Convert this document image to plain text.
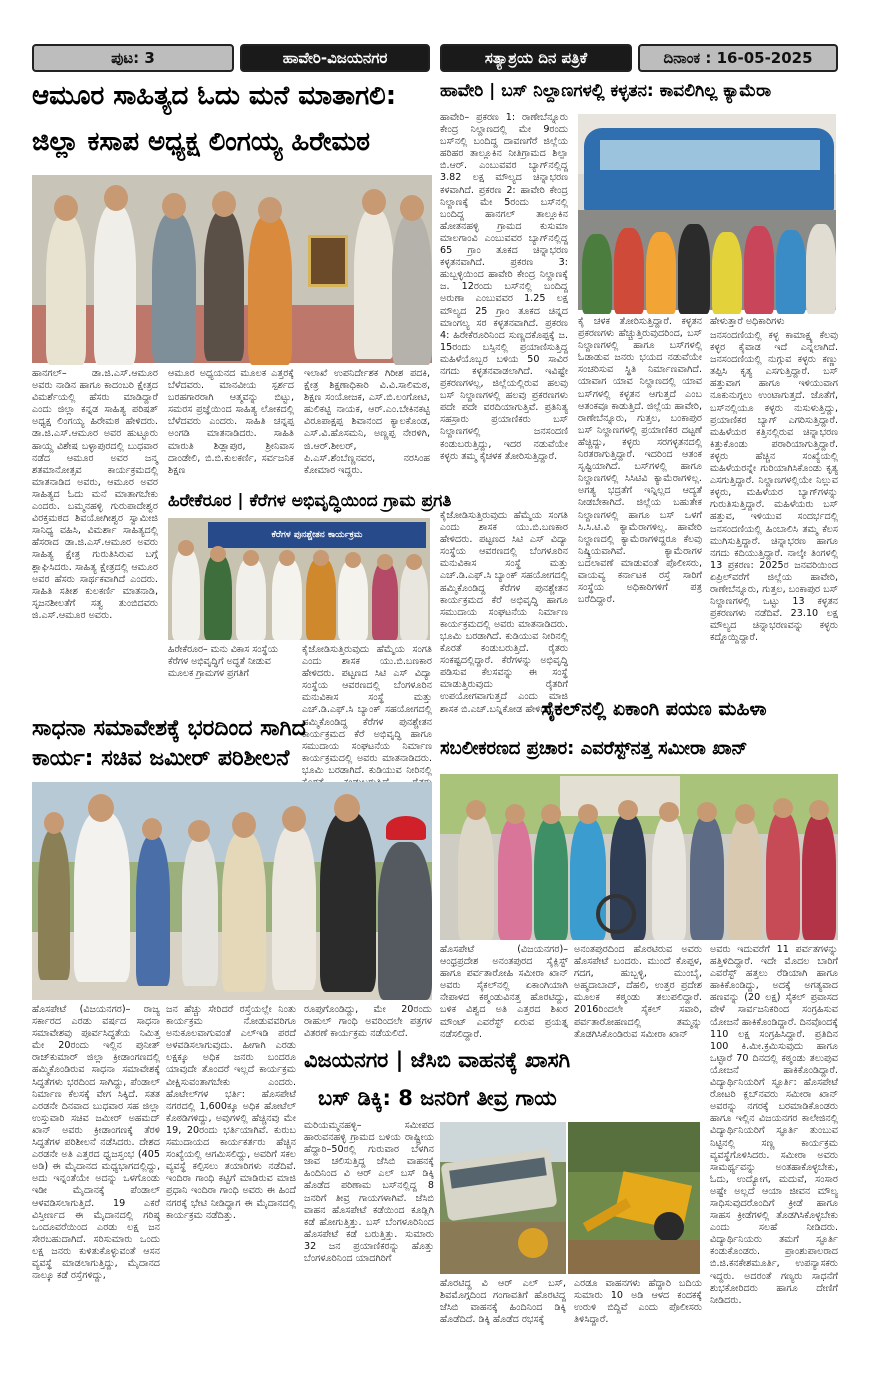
ಪುಟ: 3	ಹಾವೇರಿ-ವಿಜಯನಗರ	ಸತ್ಯಾಶ್ರಯ ದಿನ ಪತ್ರಿಕೆ	ದಿನಾಂಕ : 16-05-2025
ಆಮೂರ ಸಾಹಿತ್ಯದ ಓದು ಮನೆ ಮಾತಾಗಲಿ:
ಜಿಲ್ಲಾ ಕಸಾಪ ಅಧ್ಯಕ್ಷ ಲಿಂಗಯ್ಯ ಹಿರೇಮಠ
ಹಾನಗಲ್– ಡಾ.ಜಿ.ಎಸ್.ಆಮೂರ ಅವರು ನಾಡಿನ ಹಾಗೂ ಕಾದಂಬರಿ ಕ್ಷೇತ್ರದ ವಿಮರ್ಶೆಯಲ್ಲಿ ಹೆಸರು ಮಾಡಿದ್ದಾರೆ ಎಂದು ಜಿಲ್ಲಾ ಕನ್ನಡ ಸಾಹಿತ್ಯ ಪರಿಷತ್ ಅಧ್ಯಕ್ಷ ಲಿಂಗಯ್ಯ ಹಿರೇಮಠ ಹೇಳಿದರು. ಡಾ.ಜಿ.ಎಸ್.ಆಮೂರ ಅವರ ಹುಟ್ಟೂರು ಹಾಯ್ದ ವಿಶೇಷ ಬಳ್ಳಾಪುರದಲ್ಲಿ ಬುಧವಾರ ನಡೆದ ಆಮೂರ ಅವರ ಜನ್ಮ ಶತಮಾನೋತ್ಸವ ಕಾರ್ಯಕ್ರಮದಲ್ಲಿ ಮಾತನಾಡಿದ ಅವರು, ಆಮೂರ ಅವರ ಸಾಹಿತ್ಯದ ಓದು ಮನೆ ಮಾತಾಗಬೇಕು ಎಂದರು. ಬಮ್ಮನಹಳ್ಳಿ ಗುರುಪಾದೇಶ್ವರ ವಿರಕ್ತಮಠದ ಶಿವಯೋಗೀಶ್ವರ ಸ್ವಾಮೀಜಿ ಸಾನಿಧ್ಯ ವಹಿಸಿ, ವಿಮರ್ಶಾ ಸಾಹಿತ್ಯದಲ್ಲಿ ಹೆಸರಾದ ಡಾ.ಜಿ.ಎಸ್.ಆಮೂರ ಅವರು ಸಾಹಿತ್ಯ ಕ್ಷೇತ್ರ ಗುರುತಿಸಿರುವ ಬಗ್ಗೆ ಶ್ಲಾಘಿಸಿದರು. ಸಾಹಿತ್ಯ ಕ್ಷೇತ್ರದಲ್ಲಿ ಆಮೂರ ಅವರ ಹೆಸರು ಸಾರ್ಥಕವಾಗಿದೆ ಎಂದರು. ಸಾಹಿತಿ ಸತೀಶ ಕುಲಕರ್ಣಿ ಮಾತನಾಡಿ, ಸೃಜನಶೀಲತೆಗೆ ಸತ್ವ ತುಂಬಿದವರು ಜಿ.ಎಸ್.ಆಮೂರ ಅವರು.
ಆಮೂರ ಅಧ್ಯಯನದ ಮೂಲಕ ಎತ್ತರಕ್ಕೆ ಬೆಳೆದವರು. ಮಾನವೀಯ ಸ್ಪರ್ಶದ ಬರಹಗಾರರಾಗಿ ಆತ್ಮವನ್ನು ಬಿಟ್ಟು, ಸಮರಸ ಪ್ರಜ್ಞೆಯಿಂದ ಸಾಹಿತ್ಯ ಲೋಕದಲ್ಲಿ ಬೆಳೆದವರು ಎಂದರು. ಸಾಹಿತಿ ಚನ್ನಪ್ಪ ಅಂಗಡಿ ಮಾತನಾಡಿದರು. ಸಾಹಿತಿ ಮಾರುತಿ ಶಿಡ್ಲಾಪುರ, ಶ್ರೀನಿವಾಸ ದಾಂಡೇಲಿ, ಬಿ.ಬಿ.ಕುಲಕರ್ಣಿ, ಸರ್ವಜನಿಕ ಶಿಕ್ಷಣ
ಇಲಾಖೆ ಉಪನಿರ್ದೇಶಕ ಗಿರೀಶ ಪದಕಿ, ಕ್ಷೇತ್ರ ಶಿಕ್ಷಣಾಧಿಕಾರಿ ವಿ.ವಿ.ಸಾಲಿಮಠ, ಶಿಕ್ಷಣ ಸಂಯೋಜಕ, ಎಸ್.ಬಿ.ಲಂಗೋಟಿ, ಹುಲಿಕಟ್ಟಿ ನಾಯಕ, ಆರ್.ಎಂ.ಬೇಕಿನಕಟ್ಟಿ ವಿರೂಪಾಕ್ಷಪ್ಪ ಶಿವಾನಂದ ಕ್ಯಾಲಕೊಂಡ, ಎಸ್.ವಿ.ಹೊಸಮನಿ, ಅಣ್ಣಪ್ಪ ನೇರಳಿಗಿ, ಜಿ.ಆರ್.ಶೀಲರ್, ಪಿ.ಎಸ್.ಶೆಂಬೆಣ್ಣನವರ, ನರಸಿಂಹ ಕೋಮಾರ ಇದ್ದರು.
ಹಿರೇಕೆರೂರ | ಕೆರೆಗಳ ಅಭಿವೃದ್ಧಿಯಿಂದ ಗ್ರಾಮ ಪ್ರಗತಿ
ಕೆರೆಗಳ ಪುನಶ್ಚೇತನ ಕಾರ್ಯಕ್ರಮ
ಹಿರೇಕೆರೂರ– ಮನು ವಿಕಾಸ ಸಂಸ್ಥೆಯ ಕೆರೆಗಳ ಅಭಿವೃದ್ಧಿಗೆ ಅದ್ಧತೆ ನೀಡುವ ಮೂಲಕ ಗ್ರಾಮಗಳ ಪ್ರಗತಿಗೆ
ಕೈಜೋಡಿಸುತ್ತಿರುವುದು ಹೆಮ್ಮೆಯ ಸಂಗತಿ ಎಂದು ಶಾಸಕ ಯು.ಬಿ.ಬಣಕಾರ ಹೇಳಿದರು. ಪಟ್ಟಣದ ಸಿಟಿ ಎಸ್ ವಿದ್ಯಾ ಸಂಸ್ಥೆಯ ಆವರಣದಲ್ಲಿ ಬೆಂಗಳೂರಿನ ಮನುವಿಕಾಸ ಸಂಸ್ಥೆ ಮತ್ತು ಎಚ್.ಡಿ.ಎಫ್.ಸಿ ಬ್ಯಾಂಕ್ ಸಹಯೋಗದಲ್ಲಿ ಹಮ್ಮಿಕೊಂಡಿದ್ದ ಕೆರೆಗಳ ಪುನಶ್ಚೇತನ ಕಾರ್ಯಕ್ರಮದ ಕೆರೆ ಅಭಿವೃದ್ಧಿ ಹಾಗೂ ಸಮುದಾಯ ಸಂಘಟನೆಯ ನಿರ್ಮಾಣ ಕಾರ್ಯಕ್ರಮದಲ್ಲಿ ಅವರು ಮಾತನಾಡಿದರು. ಭೂಮಿ ಬರಡಾಗಿದೆ. ಕುಡಿಯುವ ನೀರಿನಲ್ಲಿ
ಕೈಜೋಡಿಸುತ್ತಿರುವುದು ಹೆಮ್ಮೆಯ ಸಂಗತಿ ಎಂದು ಶಾಸಕ ಯು.ಬಿ.ಬಣಕಾರ ಹೇಳಿದರು. ಪಟ್ಟಣದ ಸಿಟಿ ಎಸ್ ವಿದ್ಯಾ ಸಂಸ್ಥೆಯ ಆವರಣದಲ್ಲಿ ಬೆಂಗಳೂರಿನ ಮನುವಿಕಾಸ ಸಂಸ್ಥೆ ಮತ್ತು ಎಚ್.ಡಿ.ಎಫ್.ಸಿ ಬ್ಯಾಂಕ್ ಸಹಯೋಗದಲ್ಲಿ ಹಮ್ಮಿಕೊಂಡಿದ್ದ ಕೆರೆಗಳ ಪುನಶ್ಚೇತನ ಕಾರ್ಯಕ್ರಮದ ಕೆರೆ ಅಭಿವೃದ್ಧಿ ಹಾಗೂ ಸಮುದಾಯ ಸಂಘಟನೆಯ ನಿರ್ಮಾಣ ಕಾರ್ಯಕ್ರಮದಲ್ಲಿ ಅವರು ಮಾತನಾಡಿದರು. ಭೂಮಿ ಬರಡಾಗಿದೆ. ಕುಡಿಯುವ ನೀರಿನಲ್ಲಿ ಕೊರತೆ ಕಂಡುಬರುತ್ತಿದೆ. ರೈತರು ಸಂಕಷ್ಟದಲ್ಲಿದ್ದಾರೆ. ಕೆರೆಗಳನ್ನು ಅಭಿವೃದ್ಧಿ ಪಡಿಸುವ ಕೆಲಸವನ್ನು ಈ ಸಂಸ್ಥೆ ಮಾಡುತ್ತಿರುವುದು ರೈತರಿಗೆ ಉಪಯೋಗವಾಗುತ್ತದೆ ಎಂದು ಮಾಜಿ ಶಾಸಕ ಬಿ.ಎಚ್.ಬನ್ನಿಕೋಡ ಹೇಳಿದರು.
ಹಾವೇರಿ | ಬಸ್ ನಿಲ್ದಾಣಗಳಲ್ಲಿ ಕಳ್ಳತನ: ಕಾವಲಿಗಿಲ್ಲ ಕ್ಯಾಮೆರಾ
ಹಾವೇರಿ– ಪ್ರಕರಣ 1: ರಾಣೇಬೆನ್ನೂರು ಕೇಂದ್ರ ನಿಲ್ದಾಣದಲ್ಲಿ ಮೇ 9ರಂದು ಬಸ್‌ನಲ್ಲಿ ಬಂದಿದ್ದ ದಾವಣಗೆರೆ ಜಿಲ್ಲೆಯ ಹರಿಹರ ತಾಲ್ಲೂಕಿನ ನೀತಿಗ್ರಾಮದ ಶಿಲ್ಪಾ ಬಿ.ಆರ್. ಎಂಬುವವರ ಬ್ಯಾಗ್‌ನಲ್ಲಿದ್ದ 3.82 ಲಕ್ಷ ಮೌಲ್ಯದ ಚಿನ್ನಾಭರಣ ಕಳವಾಗಿದೆ. ಪ್ರಕರಣ 2: ಹಾವೇರಿ ಕೇಂದ್ರ ನಿಲ್ದಾಣಕ್ಕೆ ಮೇ 5ರಂದು ಬಸ್‌ನಲ್ಲಿ ಬಂದಿದ್ದ ಹಾನಗಲ್ ತಾಲ್ಲೂಕಿನ ಹೋತನಹಳ್ಳಿ ಗ್ರಾಮದ ಕುಸುಮಾ ಮಾಲಗಾಂವಿ ಎಂಬುವವರ ಬ್ಯಾಗ್‌ನಲ್ಲಿದ್ದ 65 ಗ್ರಾಂ ತೂಕದ ಚಿನ್ನಾಭರಣ ಕಳ್ಳತನವಾಗಿದೆ. ಪ್ರಕರಣ 3: ಹುಬ್ಬಳ್ಳಿಯಿಂದ ಹಾವೇರಿ ಕೇಂದ್ರ ನಿಲ್ದಾಣಕ್ಕೆ ಜ. 12ರಂದು ಬಸ್‌ನಲ್ಲಿ ಬಂದಿದ್ದ ಅರುಣಾ ಎಂಬುವವರ 1.25 ಲಕ್ಷ ಮೌಲ್ಯದ 25 ಗ್ರಾಂ ತೂಕದ ಚಿನ್ನದ ಮಾಂಗಲ್ಯ ಸರ ಕಳ್ಳತನವಾಗಿದೆ. ಪ್ರಕರಣ 4: ಹಿರೇಕೆರೂರಿನಿಂದ ಸುಣ್ಣದಕೊಪ್ಪಕ್ಕೆ ಜ. 15ರಂದು ಬಸ್ಸಿನಲ್ಲಿ ಪ್ರಯಾಣಿಸುತ್ತಿದ್ದ ಮಹಿಳೆಯೊಬ್ಬರ ಬಳಿಯ 50 ಸಾವಿರ ನಗದು ಕಳ್ಳತನವಾಡಲಾಗಿದೆ. ಇವಿಷ್ಟೇ ಪ್ರಕರಣಗಳಲ್ಲ, ಜಿಲ್ಲೆಯಲ್ಲಿರುವ ಹಲವು ಬಸ್ ನಿಲ್ದಾಣಗಳಲ್ಲಿ ಹಲವು ಪ್ರಕರಣಗಳು ಪದೇ ಪದೇ ವರದಿಯಾಗುತ್ತಿವೆ. ಪ್ರತಿನಿತ್ಯ ಸಹಸ್ರಾರು ಪ್ರಯಾಣಿಕರು ಬಸ್ ನಿಲ್ದಾಣಗಳಲ್ಲಿ ಜನಸಂದಣಿ ಕಂಡುಬರುತ್ತಿದ್ದು, ಇದರ ನಡುವೆಯೇ ಕಳ್ಳರು ತಮ್ಮ ಕೈಚಳಕ ತೋರಿಸುತ್ತಿದ್ದಾರೆ.
ಕೈ ಚಳಕ ತೋರಿಸುತ್ತಿದ್ದಾರೆ. ಕಳ್ಳತನ ಪ್ರಕರಣಗಳು ಹೆಚ್ಚುತ್ತಿರುವುದರಿಂದ, ಬಸ್ ನಿಲ್ದಾಣಗಳಲ್ಲಿ ಹಾಗೂ ಬಸ್‌ಗಳಲ್ಲಿ ಓಡಾಡುವ ಜನರು ಭಯದ ನಡುವೆಯೇ ಸಂಚರಿಸುವ ಸ್ಥಿತಿ ನಿರ್ಮಾಣವಾಗಿದೆ. ಯಾವಾಗ ಯಾವ ನಿಲ್ದಾಣದಲ್ಲಿ ಯಾವ ಬಸ್‌ಗಳಲ್ಲಿ ಕಳ್ಳತನ ಆಗುತ್ತದೆ ಎಂಬ ಆತಂಕವೂ ಕಾಡುತ್ತಿದೆ. ಜಿಲ್ಲೆಯ ಹಾವೇರಿ, ರಾಣೇಬೆನ್ನೂರು, ಗುತ್ತಲ, ಬಂಕಾಪುರ ಬಸ್ ನಿಲ್ದಾಣಗಳಲ್ಲಿ ಪ್ರಯಾಣಿಕರ ದಟ್ಟಣೆ ಹೆಚ್ಚಿದ್ದು, ಕಳ್ಳರು ಸರಗಳ್ಳತನದಲ್ಲಿ ನಿರತರಾಗುತ್ತಿದ್ದಾರೆ. ಇದರಿಂದ ಆತಂಕ ಸೃಷ್ಟಿಯಾಗಿದೆ. ಬಸ್‌ಗಳಲ್ಲಿ ಹಾಗೂ ನಿಲ್ದಾಣಗಳಲ್ಲಿ ಸಿಸಿಟಿವಿ ಕ್ಯಾಮೆರಾಗಳಿಲ್ಲ. ಅಗತ್ಯ ಭದ್ರತೆಗೆ ಇನ್ನಿಲ್ಲದ ಆದ್ಯತೆ ನೀಡಬೇಕಾಗಿದೆ. ಜಿಲ್ಲೆಯ ಬಹುತೇಕ ನಿಲ್ದಾಣಗಳಲ್ಲಿ ಹಾಗೂ ಬಸ್ ಒಳಗೆ ಸಿ.ಸಿ.ಟಿ.ವಿ ಕ್ಯಾಮೆರಾಗಳಿಲ್ಲ. ಹಾವೇರಿ ನಿಲ್ದಾಣದಲ್ಲಿ ಕ್ಯಾಮೆರಾಗಳಿದ್ದರೂ ಕೆಲವು ನಿಷ್ಕ್ರಿಯವಾಗಿವೆ. ಕ್ಯಾಮೆರಾಗಳ ಬದಲಾವಣೆ ಮಾಡುವಂತೆ ಪೊಲೀಸರು, ವಾಯವ್ಯ ಕರ್ನಾಟಕ ರಸ್ತೆ ಸಾರಿಗೆ ಸಂಸ್ಥೆಯ ಅಧಿಕಾರಿಗಳಿಗೆ ಪತ್ರ ಬರೆದಿದ್ದಾರೆ.
ಹೇಳುತ್ತಾರೆ ಅಧಿಕಾರಿಗಳು
ಜನಸಂದಣಿಯಲ್ಲಿ ಕಳ್ಳ ಕಾಮಾಕ್ಷ್ಯ ಕೆಲವು ಕಳ್ಳರ ಕೈವಾಡ ಇದೆ ಎನ್ನಲಾಗಿದೆ. ಜನಸಂದಣಿಯಲ್ಲಿ ನುಗ್ಗುವ ಕಳ್ಳರು ಕಣ್ಣು ತಪ್ಪಿಸಿ ಕೃತ್ಯ ಎಸಗುತ್ತಿದ್ದಾರೆ. ಬಸ್ ಹತ್ತುವಾಗ ಹಾಗೂ ಇಳಿಯುವಾಗ ನೂಕುನುಗ್ಗಲು ಉಂಟಾಗುತ್ತದೆ. ಜೊತೆಗೆ, ಬಸ್‌ನಲ್ಲಿಯೂ ಕಳ್ಳರು ನುಸುಳುತ್ತಿದ್ದು, ಪ್ರಯಾಣಿಕರ ಬ್ಯಾಗ್ ಎಗರಿಸುತ್ತಿದ್ದಾರೆ. ಮಹಿಳೆಯರ ಕತ್ತಿನಲ್ಲಿರುವ ಚಿನ್ನಾಭರಣ ಕಿತ್ತುಕೊಂಡು ಪರಾರಿಯಾಗುತ್ತಿದ್ದಾರೆ. ಕಳ್ಳರು ಹೆಚ್ಚಿನ ಸಂಖ್ಯೆಯಲ್ಲಿ ಮಹಿಳೆಯರನ್ನೇ ಗುರಿಯಾಗಿಸಿಕೊಂಡು ಕೃತ್ಯ ಎಸಗುತ್ತಿದ್ದಾರೆ. ನಿಲ್ದಾಣಗಳಲ್ಲಿಯೇ ನಿಲ್ಲುವ ಕಳ್ಳರು, ಮಹಿಳೆಯರ ಬ್ಯಾಗ್‌ಗಳನ್ನು ಗುರುತಿಸುತ್ತಿದ್ದಾರೆ. ಮಹಿಳೆಯರು ಬಸ್ ಹತ್ತುವ, ಇಳಿಯುವ ಸಂದರ್ಭದಲ್ಲಿ ಜನಸಂದಣಿಯಲ್ಲಿ ಹಿಂಬಾಲಿಸಿ ತಮ್ಮ ಕೆಲಸ ಮುಗಿಸುತ್ತಿದ್ದಾರೆ. ಚಿನ್ನಾಭರಣ ಹಾಗೂ ನಗದು ಕದಿಯುತ್ತಿದ್ದಾರೆ. ನಾಲ್ಕೇ ತಿಂಗಳಲ್ಲಿ 13 ಪ್ರಕರಣ: 2025ರ ಜನವರಿಯಿಂದ ಏಪ್ರಿಲ್‌ವರೆಗೆ ಜಿಲ್ಲೆಯ ಹಾವೇರಿ, ರಾಣೇಬೆನ್ನೂರು, ಗುತ್ತಲ, ಬಂಕಾಪುರ ಬಸ್ ನಿಲ್ದಾಣಗಳಲ್ಲಿ ಒಟ್ಟು 13 ಕಳ್ಳತನ ಪ್ರಕರಣಗಳು ನಡೆದಿವೆ. 23.10 ಲಕ್ಷ ಮೌಲ್ಯದ ಚಿನ್ನಾಭರಣವನ್ನು ಕಳ್ಳರು ಕದ್ದೊಯ್ದಿದ್ದಾರೆ.
ಸಾಧನಾ ಸಮಾವೇಶಕ್ಕೆ ಭರದಿಂದ ಸಾಗಿದ
ಕಾರ್ಯ: ಸಚಿವ ಜಮೀರ್ ಪರಿಶೀಲನೆ
ಹೊಸಪೇಟೆ (ವಿಜಯನಗರ)– ರಾಜ್ಯ ಸರ್ಕಾರದ ಎರಡು ವರ್ಷದ ಸಾಧನಾ ಸಮಾವೇಶವು ಪೂರ್ವಸಿದ್ಧತೆಯ ನಿಮಿತ್ತ ಮೇ 20ರಂದು ಇಲ್ಲಿನ ಪುನೀತ್ ರಾಜ್‌ಕುಮಾರ್ ಜಿಲ್ಲಾ ಕ್ರೀಡಾಂಗಣದಲ್ಲಿ ಹಮ್ಮಿಕೊಂಡಿರುವ ಸಾಧನಾ ಸಮಾವೇಶಕ್ಕೆ ಸಿದ್ಧತೆಗಳು ಭರದಿಂದ ಸಾಗಿದ್ದು, ಪೆಂಡಾಲ್ ನಿರ್ಮಾಣ ಕೆಲಸಕ್ಕೆ ವೇಗ ಸಿಕ್ಕಿದೆ. ಸತತ ಎರಡನೇ ದಿನವಾದ ಬುಧವಾರ ಸಹ ಜಿಲ್ಲಾ ಉಸ್ತುವಾರಿ ಸಚಿವ ಜಮೀರ್ ಅಹಮದ್ ಖಾನ್ ಅವರು ಕ್ರೀಡಾಂಗಣಕ್ಕೆ ತೆರಳಿ ಸಿದ್ಧತೆಗಳ ಪರಿಶೀಲನೆ ನಡೆಸಿದರು. ದೇಶದ ಎರಡನೇ ಅತಿ ಎತ್ತರದ ಧ್ವಜಸ್ತಂಭ (405 ಅಡಿ) ಈ ಮೈದಾನದ ಮಧ್ಯಭಾಗದಲ್ಲಿದ್ದು, ಅದು ಇನ್ನಂತೆಯೇ ಅದನ್ನು ಒಳಗೊಂಡು ಇಡೀ ಮೈದಾನಕ್ಕೆ ಪೆಂಡಾಲ್ ಆಳವಡಿಸಲಾಗುತ್ತಿದೆ. 19 ಎಕರೆ ವಿಸ್ತೀರ್ಣದ ಈ ಮೈದಾನದಲ್ಲಿ ಗರಿಷ್ಠ ಒಂದೂವರೆಯಿಂದ ಎರಡು ಲಕ್ಷ ಜನ ಸೇರಬಹುದಾಗಿದೆ. ಸರಿಸುಮಾರು ಒಂದು ಲಕ್ಷ ಜನರು ಕುಳಿತುಕೊಳ್ಳುವಂತೆ ಆಸನ ವ್ಯವಸ್ಥೆ ಮಾಡಲಾಗುತ್ತಿದ್ದು, ಮೈದಾನದ ನಾಲ್ಕೂ ಕಡೆ ರಸ್ತೆಗಳಿದ್ದು,
ಜನ ಹೆಚ್ಚು ಸೇರಿದರೆ ರಸ್ತೆಯಲ್ಲೇ ನಿಂತು ಕಾರ್ಯಕ್ರಮ ನೋಡುವವರಿಗೂ ಅನುಕೂಲವಾಗುವಂತೆ ಎಲ್‌ಇಡಿ ಪರದೆ ಅಳವಡಿಸಲಾಗುವುದು. ಹೀಗಾಗಿ ಎರಡು ಲಕ್ಷಕ್ಕೂ ಅಧಿಕ ಜನರು ಬಂದರೂ ಯಾವುದೇ ತೊಂದರೆ ಇಲ್ಲದೆ ಕಾರ್ಯಕ್ರಮ ವೀಕ್ಷಿಸುವಂತಾಗಬೇಕು ಎಂದರು. ಹೊಟೇಲ್‌ಗಳ ಭರ್ತಿ: ಹೊಸಪೇಟೆ ನಗರದಲ್ಲಿ 1,600ಕ್ಕೂ ಅಧಿಕ ಹೋಟೆಲ್ ಕೊಠಡಿಗಳಿದ್ದು, ಅವುಗಳಲ್ಲಿ ಹೆಚ್ಚಿನವು ಮೇ 19, 20ರಂದು ಭರ್ತಿಯಾಗಿವೆ. ಕುರುಬ ಸಮುದಾಯದ ಕಾರ್ಯಕರ್ತರು ಹೆಚ್ಚಿನ ಸಂಖ್ಯೆಯಲ್ಲಿ ಆಗಮಿಸಲಿದ್ದು, ಅವರಿಗೆ ಸಕಲ ವ್ಯವಸ್ಥೆ ಕಲ್ಪಿಸಲು ತಯಾರಿಗಳು ನಡೆದಿವೆ. ಇಂದಿರಾ ಗಾಂಧಿ ಕಟ್ಟಿಗೆ ಮಾಡಿರುವ ಮಾಜಿ ಪ್ರಧಾನಿ ಇಂದಿರಾ ಗಾಂಧಿ ಅವರು ಈ ಹಿಂದೆ ನಗರಕ್ಕೆ ಭೇಟಿ ನೀಡಿದ್ದಾಗ ಈ ಮೈದಾನದಲ್ಲಿ ಕಾರ್ಯಕ್ರಮ ನಡೆದಿತ್ತು.
ರೂಪುಗೊಂಡಿದ್ದು, ಮೇ 20ರಂದು ರಾಹುಲ್ ಗಾಂಧಿ ಅವರಿಂದಲೇ ಪತ್ರಗಳ ವಿತರಣೆ ಕಾರ್ಯಕ್ರಮ ನಡೆಯಲಿದೆ.
ವಿಜಯನಗರ | ಜೆಸಿಬಿ ವಾಹನಕ್ಕೆ ಖಾಸಗಿ
ಬಸ್ ಡಿಕ್ಕಿ: 8 ಜನರಿಗೆ ತೀವ್ರ ಗಾಯ
ಮರಿಯಮ್ಮನಹಳ್ಳಿ– ಸಮೀಪದ ಹಾರುವನಹಳ್ಳಿ ಗ್ರಾಮದ ಬಳಿಯ ರಾಷ್ಟ್ರೀಯ ಹೆದ್ದಾರಿ–50ರಲ್ಲಿ ಗುರುವಾರ ಬೆಳಗಿನ ಜಾವ ಚಲಿಸುತ್ತಿದ್ದ ಜೆಸಿಬಿ ವಾಹನಕ್ಕೆ ಹಿಂದಿನಿಂದ ವಿ ಆರ್ ಎಲ್ ಬಸ್ ಡಿಕ್ಕಿ ಹೊಡೆದ ಪರಿಣಾಮ ಬಸ್‌ನಲ್ಲಿದ್ದ 8 ಜನರಿಗೆ ತೀವ್ರ ಗಾಯಗಳಾಗಿವೆ. ಜೆಸಿಬಿ ವಾಹನ ಹೊಸಪೇಟೆ ಕಡೆಯಿಂದ ಕೂಡ್ಲಿಗಿ ಕಡೆ ಹೋಗುತ್ತಿತ್ತು. ಬಸ್ ಬೆಂಗಳೂರಿನಿಂದ ಹೊಸಪೇಟೆ ಕಡೆ ಬರುತ್ತಿತ್ತು. ಸುಮಾರು 32 ಜನ ಪ್ರಯಾಣಿಕರನ್ನು ಹೊತ್ತು ಬೆಂಗಳೂರಿನಿಂದ ಯಾದಗಿರಿಗೆ
ಹೊರಟಿದ್ದ ವಿ ಆರ್ ಎಲ್ ಬಸ್, ಶಿವಮೊಗ್ಗದಿಂದ ಗಂಗಾವತಿಗೆ ಹೊರಟಿದ್ದ ಜೆಸಿಬಿ ವಾಹನಕ್ಕೆ ಹಿಂದಿನಿಂದ ಡಿಕ್ಕಿ ಹೊಡೆದಿದೆ. ಡಿಕ್ಕಿ ಹೊಡೆದ ರಭಸಕ್ಕೆ
ಎರಡೂ ವಾಹನಗಳು ಹೆದ್ದಾರಿ ಬದಿಯ ಸುಮಾರು 10 ಅಡಿ ಆಳದ ಕಂದಕಕ್ಕೆ ಉರುಳಿ ಬಿದ್ದಿವೆ ಎಂದು ಪೊಲೀಸರು ತಿಳಿಸಿದ್ದಾರೆ.
ಸೈಕಲ್‌ನಲ್ಲಿ ಏಕಾಂಗಿ ಪಯಣ ಮಹಿಳಾ
ಸಬಲೀಕರಣದ ಪ್ರಚಾರ: ಎವರೆಸ್ಟ್‌ನತ್ತ ಸಮೀರಾ ಖಾನ್
ಹೊಸಪೇಟೆ (ವಿಜಯನಗರ)– ಆಂಧ್ರಪ್ರದೇಶ ಅನಂತಪುರದ ಸೈಕ್ಲಿಸ್ಟ್ ಹಾಗೂ ಪರ್ವತಾರೋಹಿ ಸಮೀರಾ ಖಾನ್ ಅವರು ಸೈಕಲ್‌ನಲ್ಲಿ ಏಕಾಂಗಿಯಾಗಿ ನೇಪಾಳದ ಕಠ್ಮಂಡುವಿನತ್ತ ಹೊರಟಿದ್ದು, ಬಳಿಕ ವಿಶ್ವದ ಅತಿ ಎತ್ತರದ ಶಿಖರ ಮೌಂಟ್ ಎವರೆಸ್ಟ್ ಏರುವ ಪ್ರಯತ್ನ ನಡೆಸಲಿದ್ದಾರೆ.
ಅನಂತಪುರದಿಂದ ಹೊರಟಿರುವ ಅವರು ಹೊಸಪೇಟೆ ಬಂದರು. ಮುಂದೆ ಕೊಪ್ಪಳ, ಗದಗ, ಹುಬ್ಬಳ್ಳಿ, ಮುಂಬೈ, ಅಹ್ಮದಾಬಾದ್, ದೆಹಲಿ, ಉತ್ತರ ಪ್ರದೇಶ ಮೂಲಕ ಕಠ್ಮಂಡು ತಲುಪಲಿದ್ದಾರೆ. 2016ರಿಂದಲೇ ಸೈಕಲ್ ಸವಾರಿ, ಪರ್ವತಾರೋಹಣದಲ್ಲಿ ತಮ್ಮನ್ನು ತೊಡಗಿಸಿಕೊಂಡಿರುವ ಸಮೀರಾ ಖಾನ್
ಅವರು ಇದುವರೆಗೆ 11 ಪರ್ವತಗಳನ್ನು ಹತ್ತಿಳಿದಿದ್ದಾರೆ. ಇದೇ ಮೊದಲ ಬಾರಿಗೆ ಎವರೆಸ್ಟ್ ಹತ್ತಲು ರೆಡಿಯಾಗಿ ಹಾಗೂ ಹಾಕಿಕೊಂಡಿದ್ದು, ಅದಕ್ಕೆ ಅಗತ್ಯವಾದ ಹಣವನ್ನು (20 ಲಕ್ಷ) ಸೈಕಲ್ ಪ್ರವಾಸದ ವೇಳೆ ಸಾರ್ವಜನಿಕರಿಂದ ಸಂಗ್ರಹಿಸುವ ಯೋಜನೆ ಹಾಕಿಕೊಂಡಿದ್ದಾರೆ. ದಿನವೊಂದಕ್ಕೆ 110 ಲಕ್ಷ ಸಂಗ್ರಹಿಸಿದ್ದಾರೆ. ಪ್ರತಿದಿನ 100 ಕಿ.ಮೀ.ಕ್ರಮಿಸುವುದು ಹಾಗೂ ಒಟ್ಟಾರೆ 70 ದಿನದಲ್ಲಿ ಕಠ್ಮಂಡು ತಲುಪುವ ಯೋಜನೆ ಹಾಕಿಕೊಂಡಿದ್ದಾರೆ. ವಿದ್ಯಾರ್ಥಿನಿಯರಿಗೆ ಸ್ಫೂರ್ತಿ: ಹೊಸಪೇಟೆ ರೋಟರಿ ಕ್ಲಬ್‌ನವರು ಸಮೀರಾ ಖಾನ್ ಅವರನ್ನು ನಗರಕ್ಕೆ ಬರಮಾಡಿಕೊಂಡರು ಹಾಗೂ ಇಲ್ಲಿನ ವಿಜಯನಗರ ಕಾಲೇಜಿನಲ್ಲಿ ವಿದ್ಯಾರ್ಥಿನಿಯರಿಗೆ ಸ್ಫೂರ್ತಿ ತುಂಬುವ ನಿಟ್ಟಿನಲ್ಲಿ ಸಣ್ಣ ಕಾರ್ಯಕ್ರಮ ವ್ಯವಸ್ಥೆಗೊಳಿಸಿದರು. ಸಮೀರಾ ಅವರು ಸಾಮರ್ಥ್ಯವನ್ನು ಅಂತಹಾಕೊಳ್ಳಬೇಕು, ಓದು, ಉದ್ಯೋಗ, ಮದುವೆ, ಸಂಸಾರ ಅಷ್ಟೇ ಅಲ್ಲದೆ ಆಯಾ ಜೀವನ ಮೌಲ್ಯ ಸಾಧಿಸುವುದರೊಂದಿಗೆ ಕ್ರೀಡೆ ಹಾಗೂ ಸಾಹಸ ಕ್ರೀಡೆಗಳಲ್ಲಿ ತೊಡಗಿಸಿಕೊಳ್ಳಬೇಕು ಎಂದು ಸಲಹೆ ನೀಡಿದರು. ವಿದ್ಯಾರ್ಥಿನಿಯರು ತಮಗೆ ಸ್ಫೂರ್ತಿ ಕಂಡುಕೊಂಡರು. ಪ್ರಾಂಶುಪಾಲರಾದ ಬಿ.ಜಿ.ಕನಕೇಶಮೂರ್ತಿ, ಉಪನ್ಯಾಸಕರು ಇದ್ದರು. ಅದರಂತೆ ಗಣ್ಯರು ಸಾಧನೆಗೆ ಶುಭಕೋರಿದರು ಹಾಗೂ ದೇಣಿಗೆ ನೀಡಿದರು.
